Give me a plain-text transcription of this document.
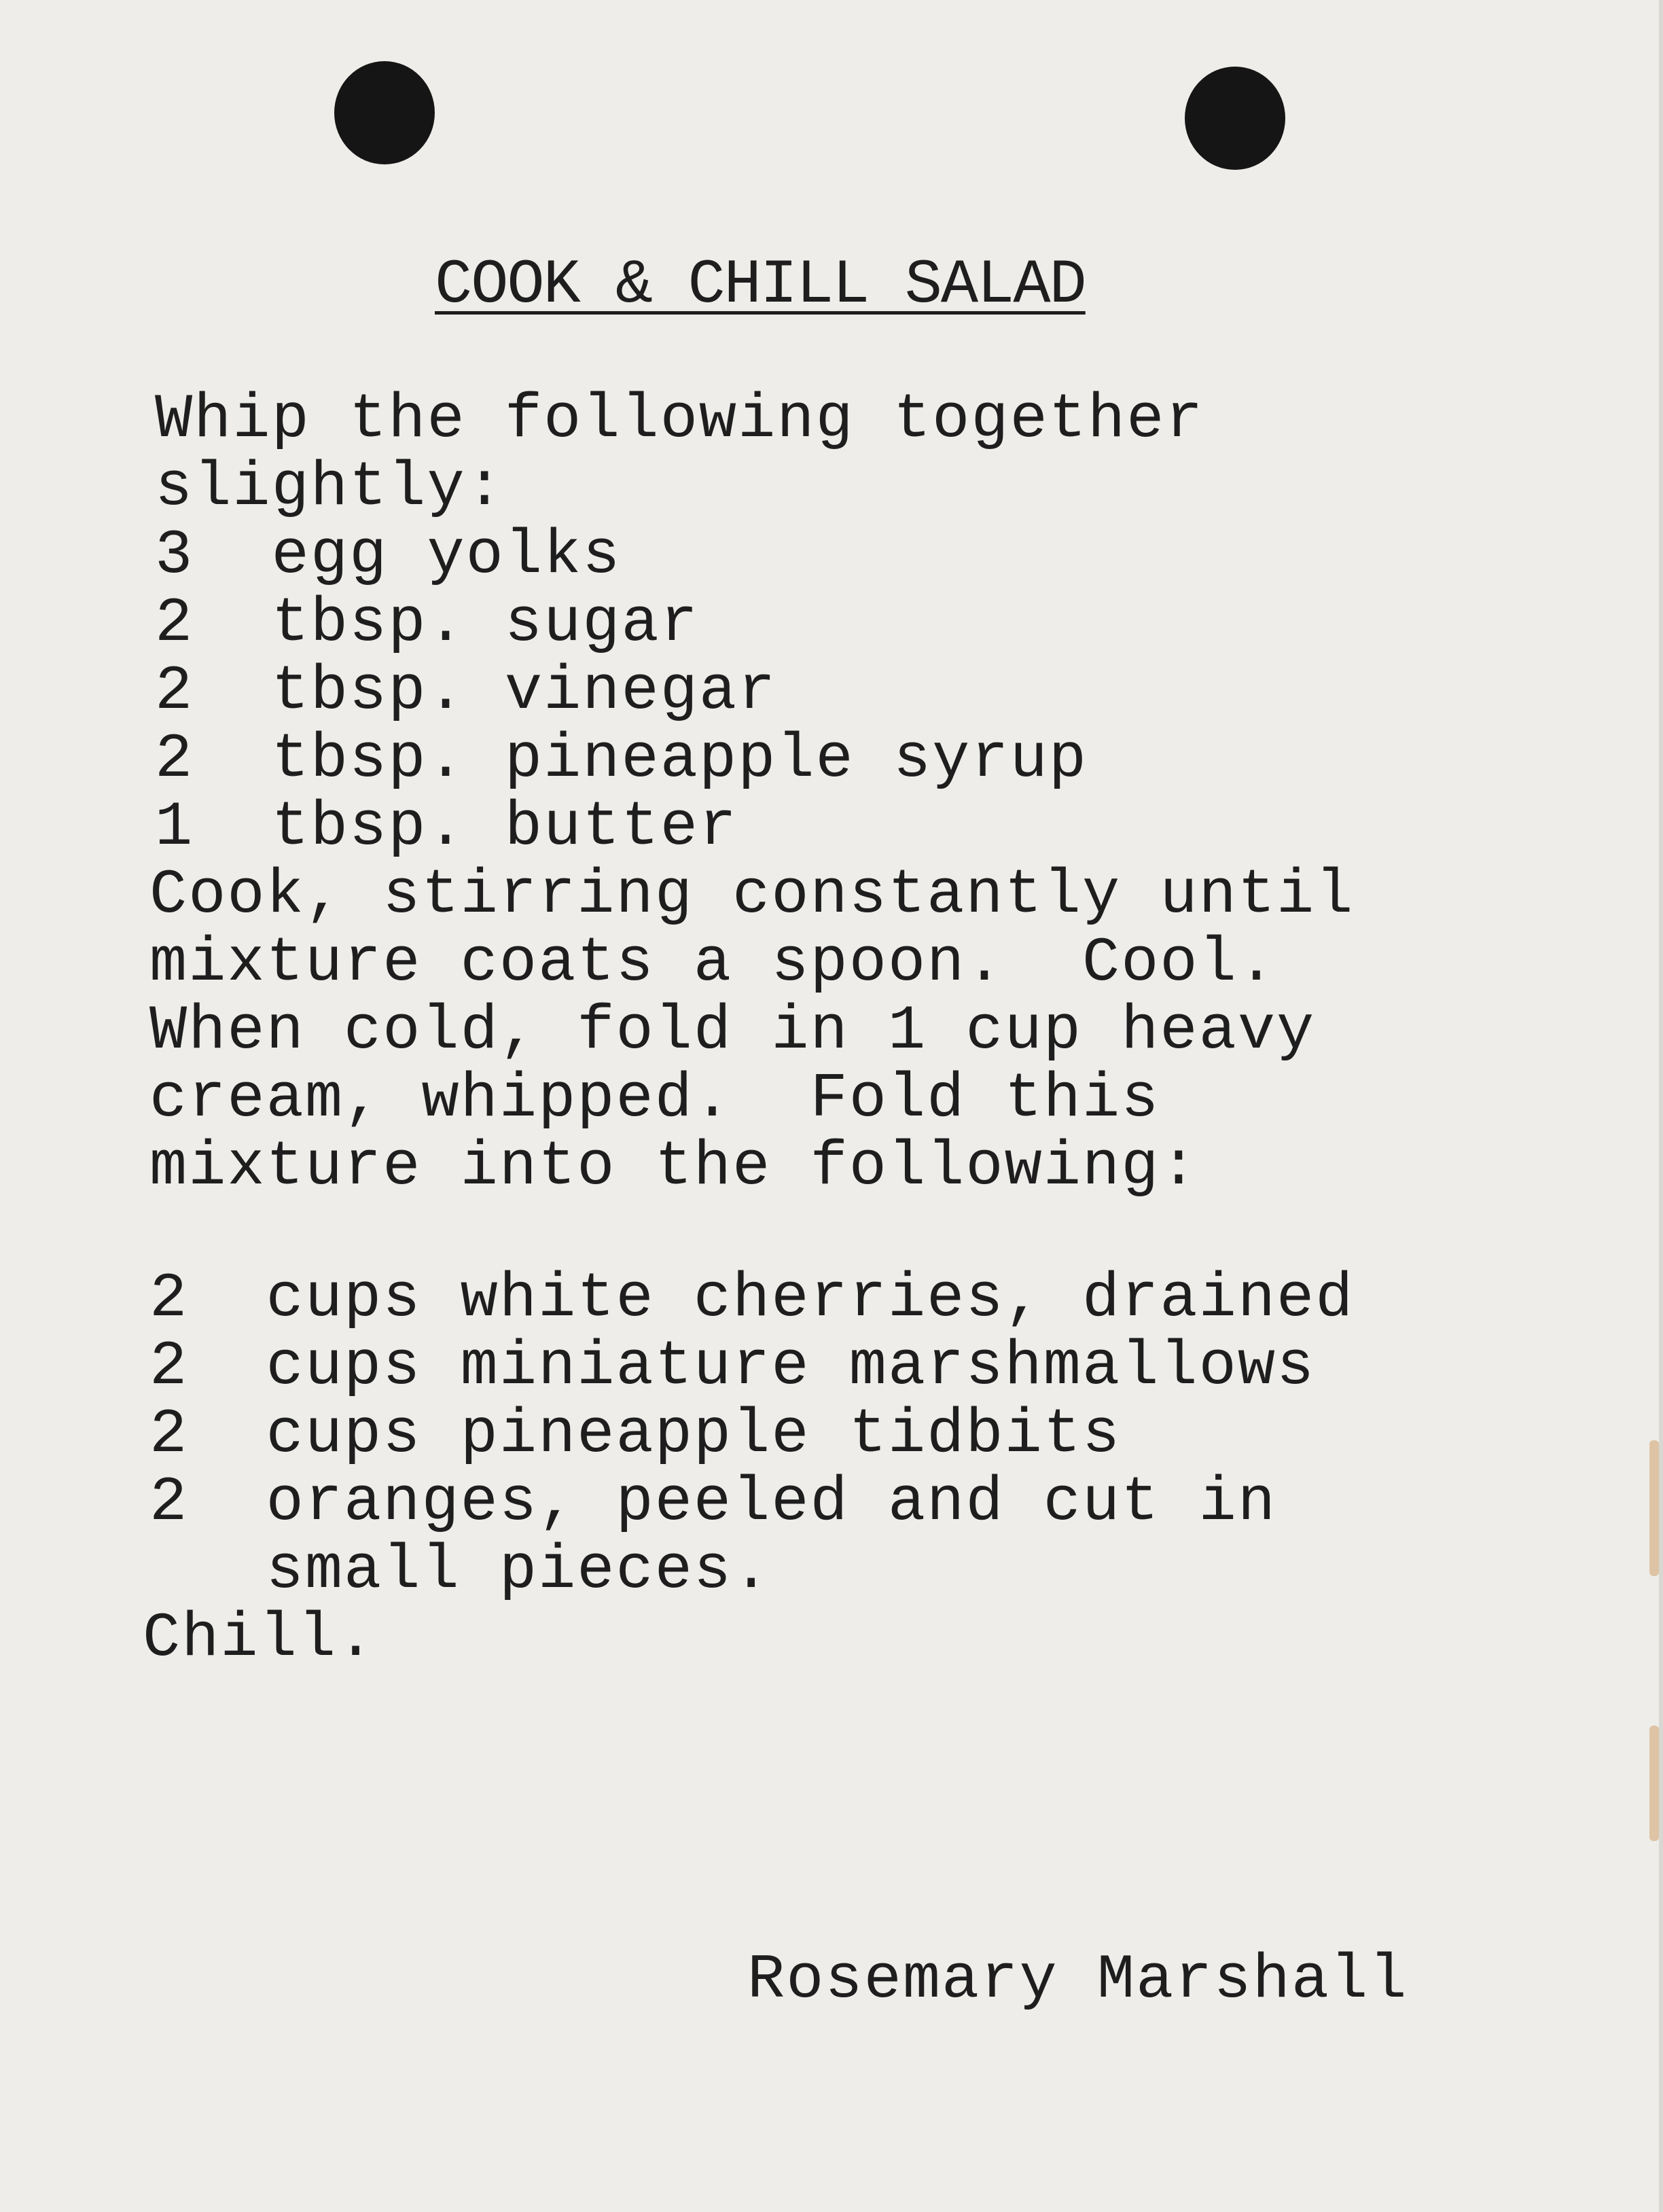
COOK & CHILL SALAD
Whip the following together
slightly:
3  egg yolks
2  tbsp. sugar
2  tbsp. vinegar
2  tbsp. pineapple syrup
1  tbsp. butter
Cook, stirring constantly until
mixture coats a spoon.  Cool.
When cold, fold in 1 cup heavy
cream, whipped.  Fold this
mixture into the following:
2  cups white cherries, drained
2  cups miniature marshmallows
2  cups pineapple tidbits
2  oranges, peeled and cut in
small pieces.
Chill.
Rosemary Marshall
